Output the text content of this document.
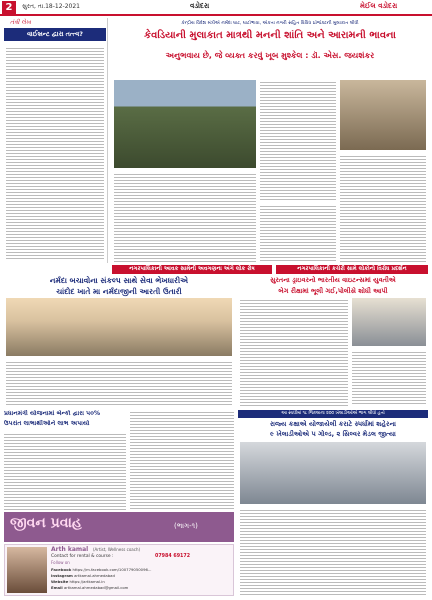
2	સુરત, તા.18-12-2021	વડોદરા	મેઈલ વડોદરા
તંત્રી લેખ
વાઈબ્રન્ટ દ્વારા તત્ત્વ?
કેન્દ્રીય વિદેશ મંત્રીએ નર્મદા ઘાટ, ઘાટોભાવા, એકતા નગરી સહિત વિવિધ પ્રોજેક્ટની મુલાકાત લીધી
કેવડિયાની મુલાકાત માત્રથી મનની શાંતિ અને આરામની ભાવના
અનુભવાય છે, જે વ્યક્ત કરવું ખૂબ મુશ્કેલ : ડૉ. એસ. જયશંકર
નગરપાલિકાની આવક સામેની અવગણના અંગે લોક રોષ	નગરપાલિકાની કચેરી સામે લોકોનો વિરોધ પ્રદર્શન
નર્મદા બચાવોના સંકલ્પ સાથે સેવા ભેખધારીએ
ચાંદોદ ખાતે મા નર્મદાજીની આરતી ઉતારી
સુરતના ડ્રાઇવરનો ભારતીય વાઇટન્સમાં યુવતીએ
બેગ રીક્ષામાં ભૂલી ગઈ,પોલીસે શોધી આપી
પ્રધાનમંત્રી યોજનામાં બેન્કો દ્વારા ૫૦%
ઉપરાંત લાભાર્થીઓને લાભ અપાયો
આ સ્પર્ધામાં ૧૮ જિલ્લાના ૨૦૦ ખેલાડીઓએ ભાગ લીધો હતો
રાજ્ય કક્ષાએ યોજાયેલી કરાટે સ્પર્ધામાં શહેરના
૯ ખેલાડીઓએ ૫ ગોલ્ડ, ૨ સિલ્વર મેડલ જીત્યા
જીવન પ્રવાહ	(ભાગ-૧)
Arth kamal (Artist, Wellness coach)
Contact for rental & course :	07984 69172
Follow on
Facebook https://m.facebook.com/100779050096...
Instagram artkamal.ahmedabad
Website https://artkamal.in
Email artkamal.ahmedabad@gmail.com
